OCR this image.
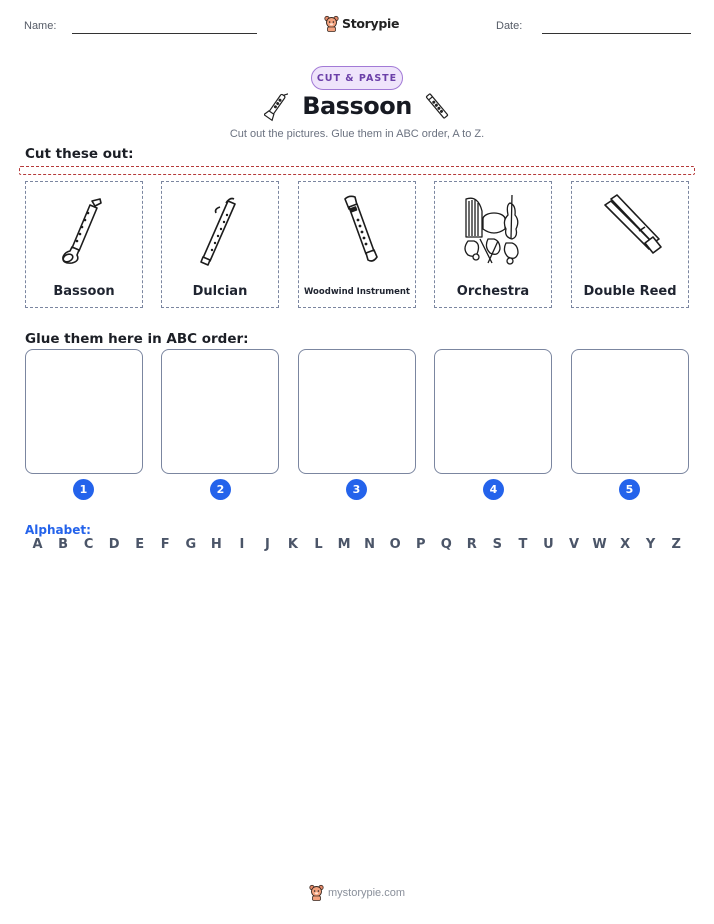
Name:	Storypie	Date:
CUT & PASTE
Bassoon
Cut out the pictures. Glue them in ABC order, A to Z.
Cut these out:
Bassoon	Dulcian	Woodwind Instrument	Orchestra	Double Reed
Glue them here in ABC order:
1	2	3	4	5
Alphabet:
A	B	C	D	E	F	G	H	I	J	K	L	M	N	O	P	Q	R	S	T	U	V	W	X	Y	Z
mystorypie.com
